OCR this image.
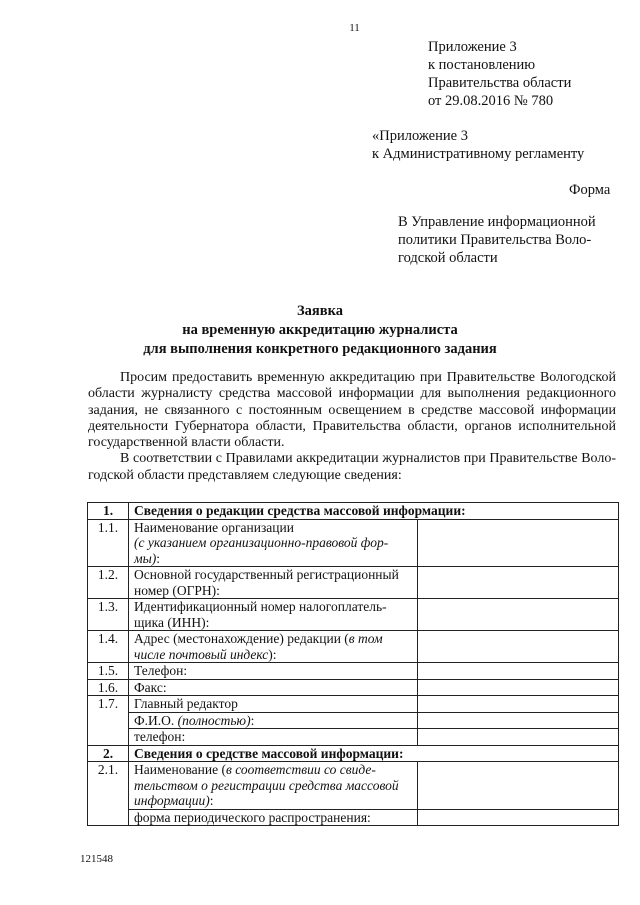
11
Приложение 3
к постановлению
Правительства области
от 29.08.2016 № 780
«Приложение 3
к Административному регламенту
Форма
В Управление информационной
политики Правительства Воло-
годской области
Заявка
на временную аккредитацию журналиста
для выполнения конкретного редакционного задания
Просим предоставить временную аккредитацию при Правительстве Вологодской
области журналисту средства массовой информации для выполнения редакционного
задания, не связанного с постоянным освещением в средстве массовой информации
деятельности Губернатора области, Правительства области, органов исполнительной
государственной власти области.
В соответствии с Правилами аккредитации журналистов при Правительстве Воло-
годской области представляем следующие сведения:
1.	Сведения о редакции средства массовой информации:	
1.1.	Наименование организации
(с указанием организационно-правовой фор-
мы):	

1.2.	Основной государственный регистрационный
номер (ОГРН):	

1.3.	Идентификационный номер налогоплатель-
щика (ИНН):	

1.4.	Адрес (местонахождение) редакции (в том
числе почтовый индекс):	

1.5.	Телефон:	
1.6.	Факс:	
1.7.	Главный редактор	
	Ф.И.О. (полностью):	
	телефон:	
2.	Сведения о средстве массовой информации:	
2.1.	Наименование (в соответствии со свиде-
тельством о регистрации средства массовой
информации):	

	форма периодического распространения:	
121548
